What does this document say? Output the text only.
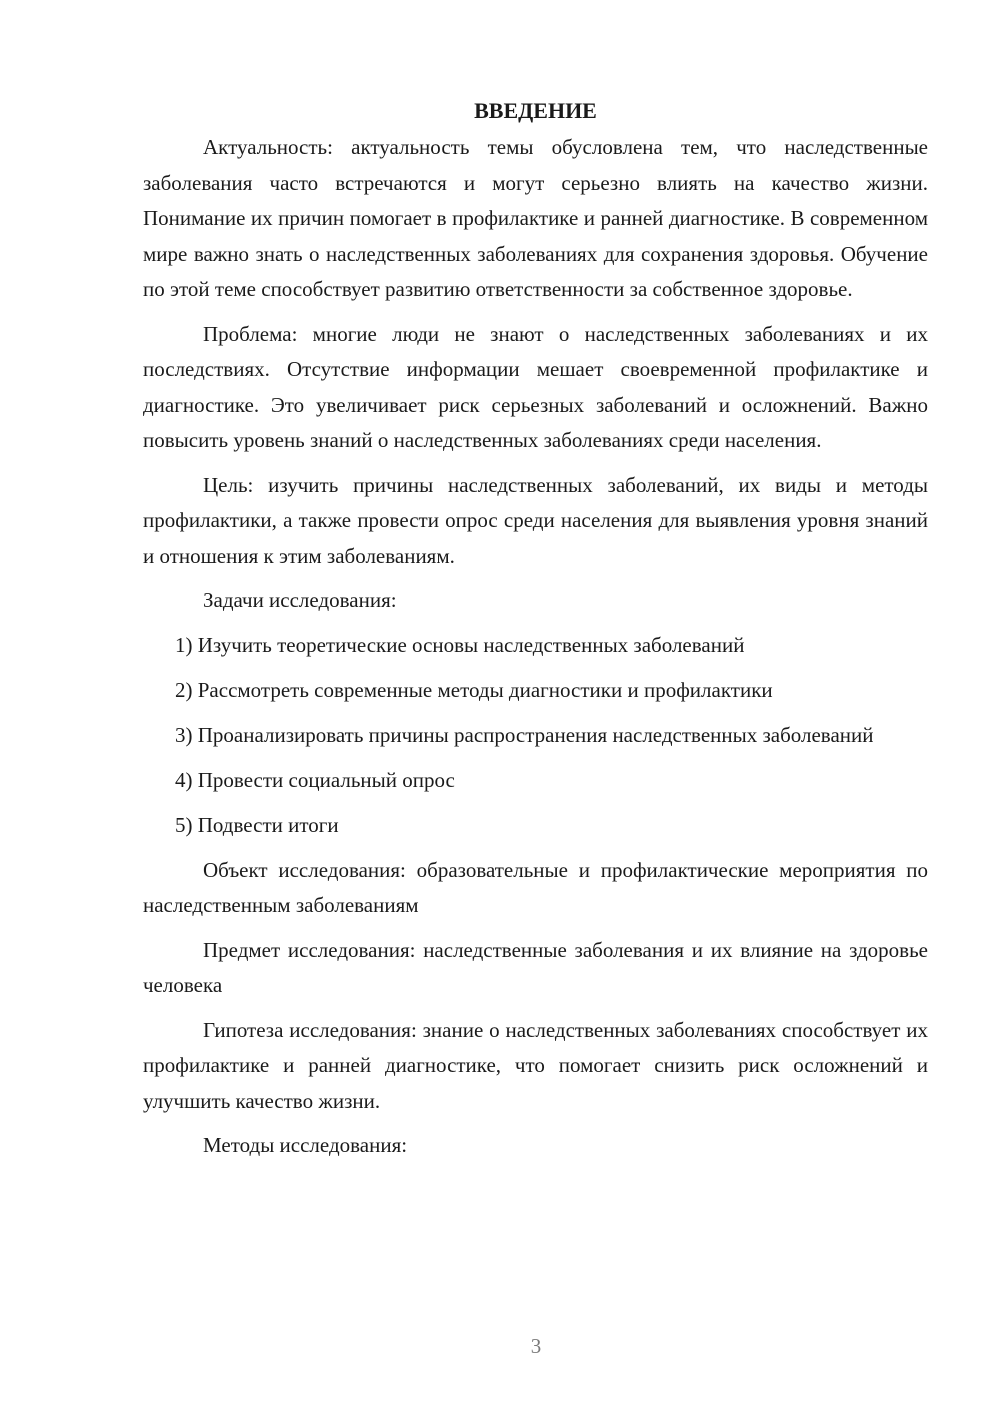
ВВЕДЕНИЕ

Актуальность: актуальность темы обусловлена тем, что наследственные заболевания часто встречаются и могут серьезно влиять на качество жизни. Понимание их причин помогает в профилактике и ранней диагностике. В современном мире важно знать о наследственных заболеваниях для сохранения здоровья. Обучение по этой теме способствует развитию ответственности за собственное здоровье.

Проблема: многие люди не знают о наследственных заболеваниях и их последствиях. Отсутствие информации мешает своевременной профилактике и диагностике. Это увеличивает риск серьезных заболеваний и осложнений. Важно повысить уровень знаний о наследственных заболеваниях среди населения.

Цель: изучить причины наследственных заболеваний, их виды и методы профилактики, а также провести опрос среди населения для выявления уровня знаний и отношения к этим заболеваниям.

Задачи исследования:

1) Изучить теоретические основы наследственных заболеваний

2) Рассмотреть современные методы диагностики и профилактики

3) Проанализировать причины распространения наследственных заболеваний

4) Провести социальный опрос

5) Подвести итоги

Объект исследования: образовательные и профилактические мероприятия по наследственным заболеваниям

Предмет исследования: наследственные заболевания и их влияние на здоровье человека

Гипотеза исследования: знание о наследственных заболеваниях способствует их профилактике и ранней диагностике, что помогает снизить риск осложнений и улучшить качество жизни.

Методы исследования:

3
